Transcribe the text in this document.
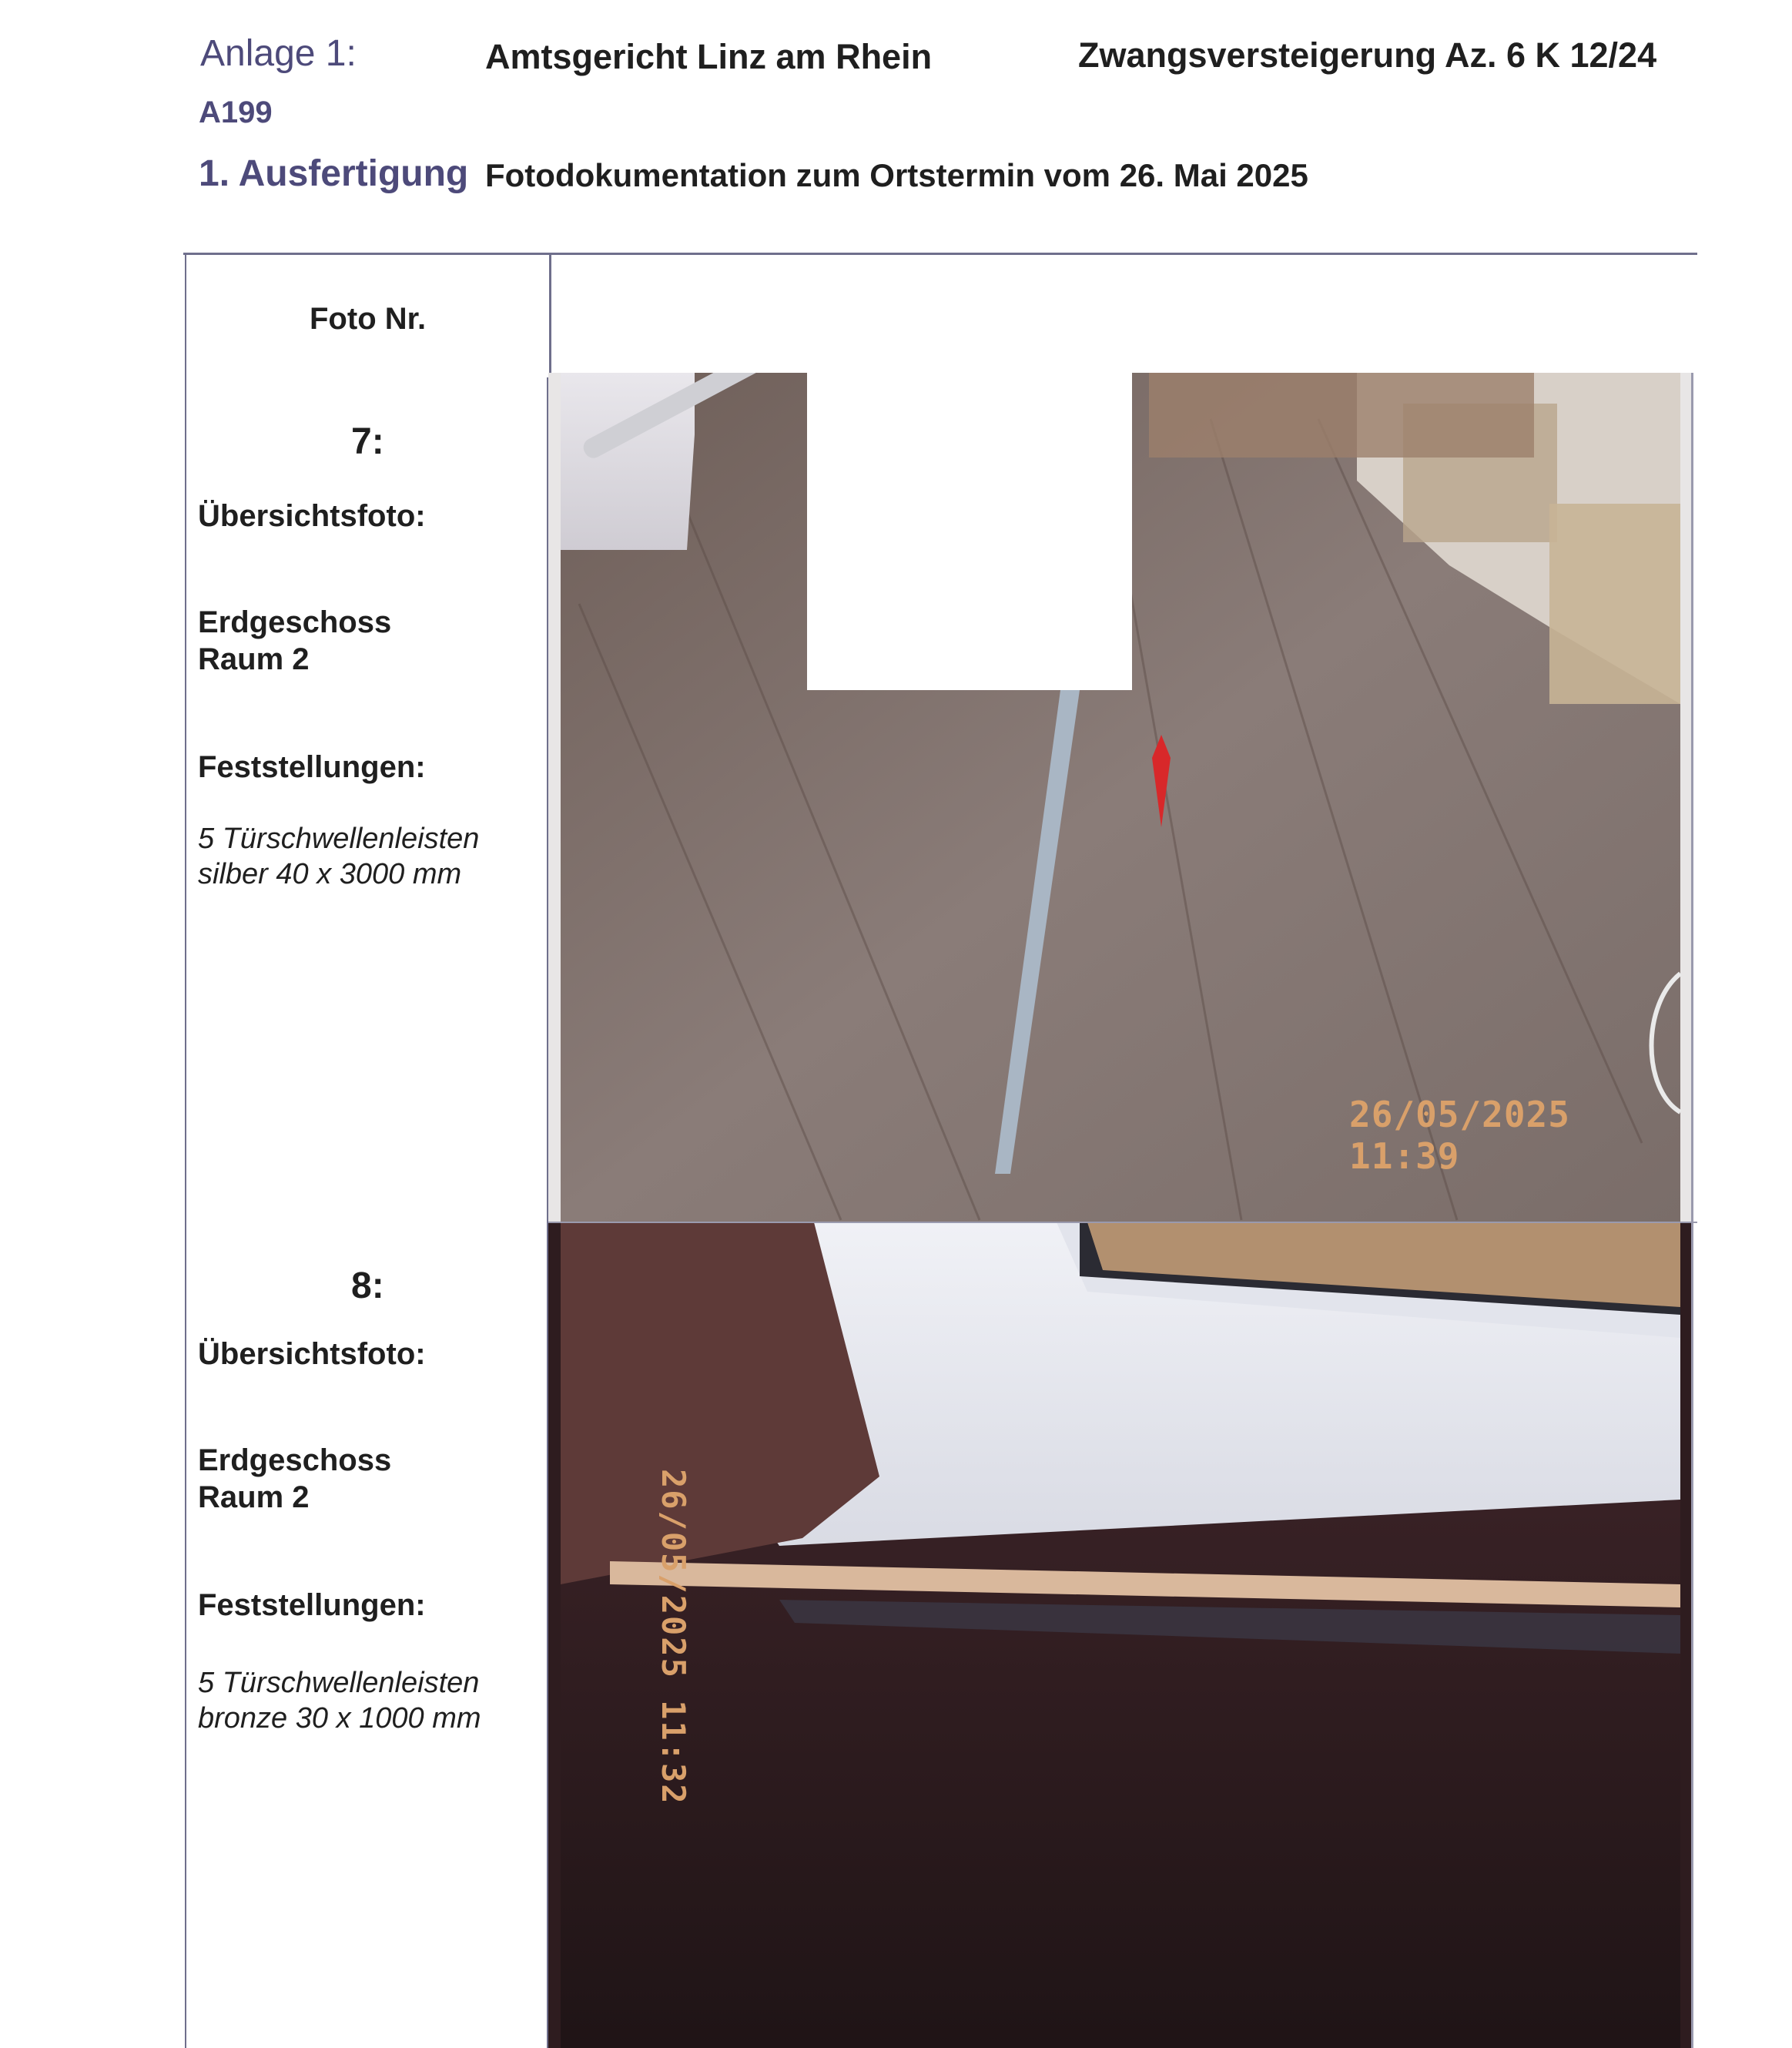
Anlage 1:	Amtsgericht Linz am Rhein	Zwangsversteigerung Az. 6 K 12/24
A199
1. Ausfertigung Fotodokumentation zum Ortstermin vom 26. Mai 2025
Foto Nr.
7:
Übersichtsfoto:
Erdgeschoss
Raum 2
Feststellungen:
5 Türschwellenleisten
silber 40 x 3000 mm
26/05/2025 11:39
8:
Übersichtsfoto:
Erdgeschoss
Raum 2
Feststellungen:
5 Türschwellenleisten
bronze 30 x 1000 mm	26/05/2025 11:32
